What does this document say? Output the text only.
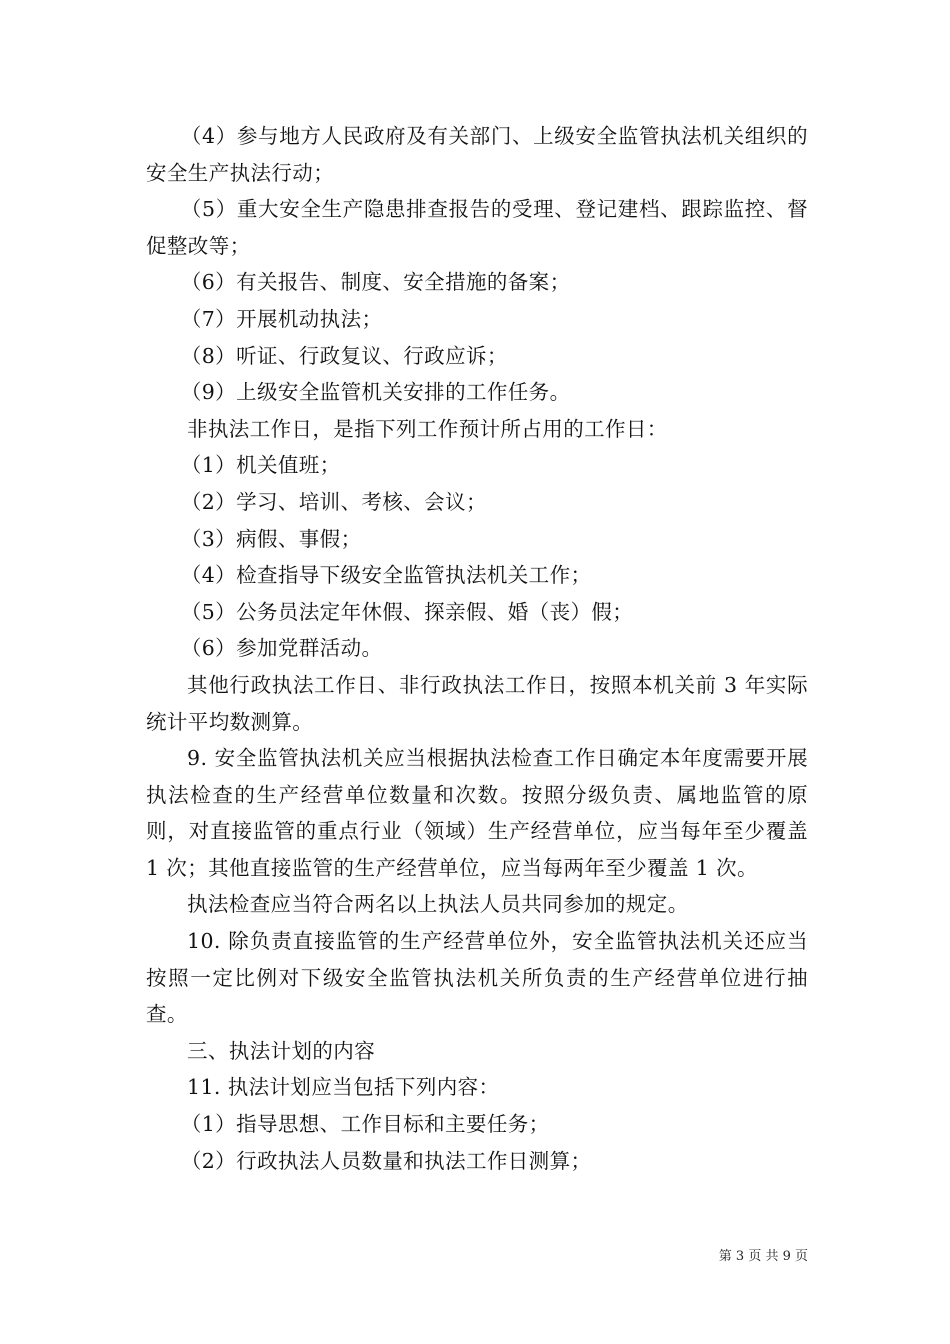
（4）参与地方人民政府及有关部门、上级安全监管执法机关组织的安全生产执法行动；

（5）重大安全生产隐患排查报告的受理、登记建档、跟踪监控、督促整改等；

（6）有关报告、制度、安全措施的备案；

（7）开展机动执法；

（8）听证、行政复议、行政应诉；

（9）上级安全监管机关安排的工作任务。

非执法工作日，是指下列工作预计所占用的工作日：

（1）机关值班；

（2）学习、培训、考核、会议；

（3）病假、事假；

（4）检查指导下级安全监管执法机关工作；

（5）公务员法定年休假、探亲假、婚（丧）假；

（6）参加党群活动。

其他行政执法工作日、非行政执法工作日，按照本机关前 3 年实际统计平均数测算。

9. 安全监管执法机关应当根据执法检查工作日确定本年度需要开展执法检查的生产经营单位数量和次数。按照分级负责、属地监管的原则，对直接监管的重点行业（领域）生产经营单位，应当每年至少覆盖 1 次；其他直接监管的生产经营单位，应当每两年至少覆盖 1 次。

执法检查应当符合两名以上执法人员共同参加的规定。

10. 除负责直接监管的生产经营单位外，安全监管执法机关还应当按照一定比例对下级安全监管执法机关所负责的生产经营单位进行抽查。

三、执法计划的内容

11. 执法计划应当包括下列内容：

（1）指导思想、工作目标和主要任务；

（2）行政执法人员数量和执法工作日测算；

第 3 页 共 9 页
